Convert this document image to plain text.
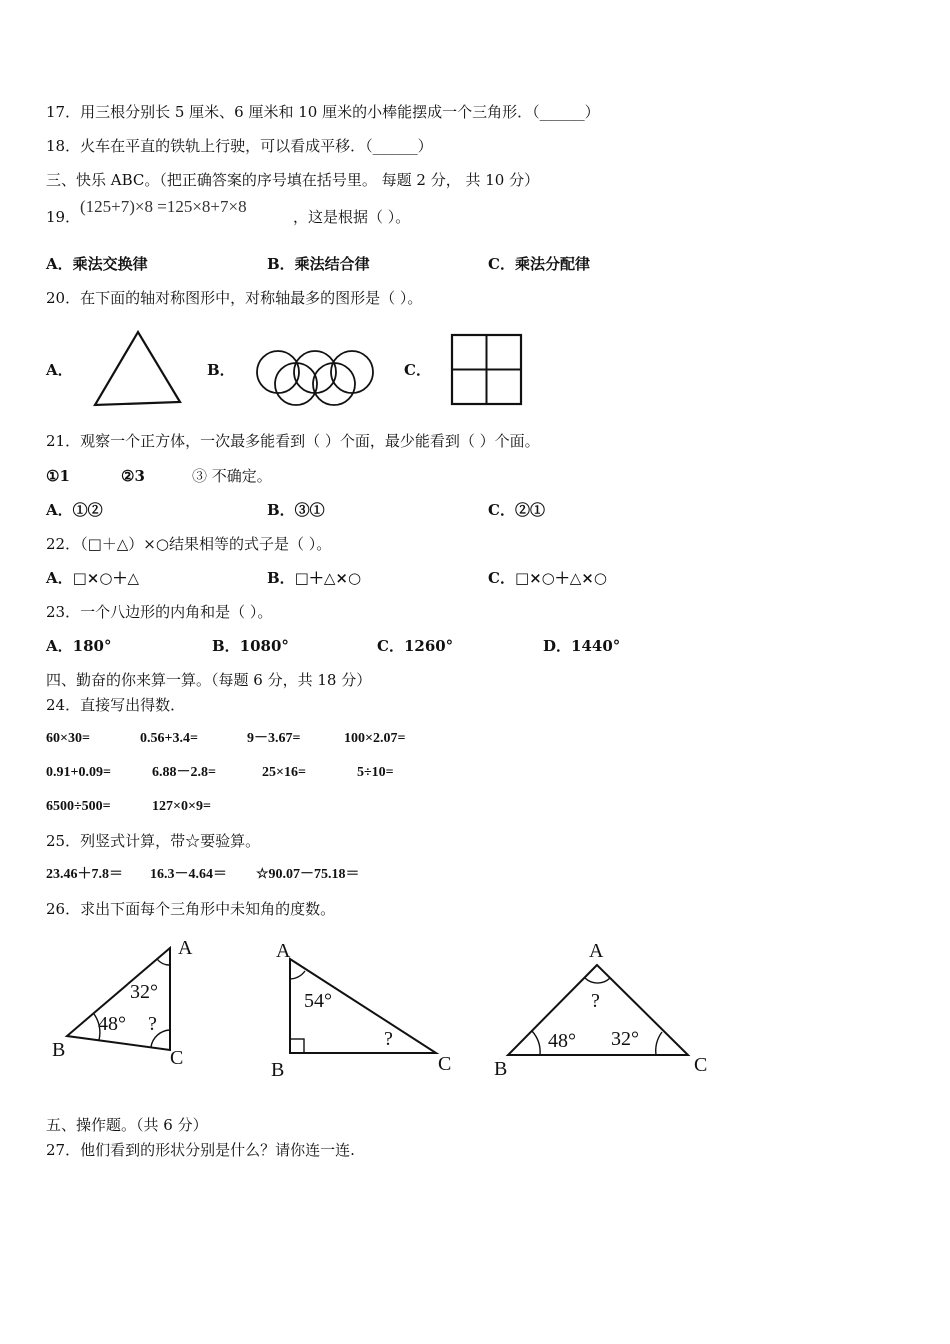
17．用三根分别长 5 厘米、6 厘米和 10 厘米的小棒能摆成一个三角形．（______）
18．火车在平直的铁轨上行驶，可以看成平移．（______）
三、快乐 ABC。（把正确答案的序号填在括号里。 每题 2 分， 共 10 分）
19．
(125+7)×8 =125×8+7×8
，这是根据（ ）。
A．乘法交换律	B．乘法结合律	C．乘法分配律
20．在下面的轴对称图形中，对称轴最多的图形是（ ）。
A．	B．	C．
21．观察一个正方体，一次最多能看到（ ）个面，最少能看到（ ）个面。
①1	②3	③ 不确定。
A．①②	B．③①	C．②①
22．（□＋△）×○结果相等的式子是（ ）。
A．□×○＋△	B．□＋△×○	C．□×○＋△×○
23．一个八边形的内角和是（ ）。
A．180°	B．1080°	C．1260°	D．1440°
四、勤奋的你来算一算。（每题 6 分，共 18 分）
24．直接写出得数．
60×30=	0.56+3.4=	9－3.67=	100×2.07=
0.91+0.09=	6.88－2.8=	25×16=	5÷10=
6500÷500=	127×0×9=
25．列竖式计算，带☆要验算。
23.46＋7.8＝ 16.3－4.64＝ ☆90.07－75.18＝
26．求出下面每个三角形中未知角的度数。
A
B	C
32°
48° ?
A
B	C
54°
?
A
B	C
?
48° 32°
五、操作题。（共 6 分）
27．他们看到的形状分别是什么？请你连一连.
